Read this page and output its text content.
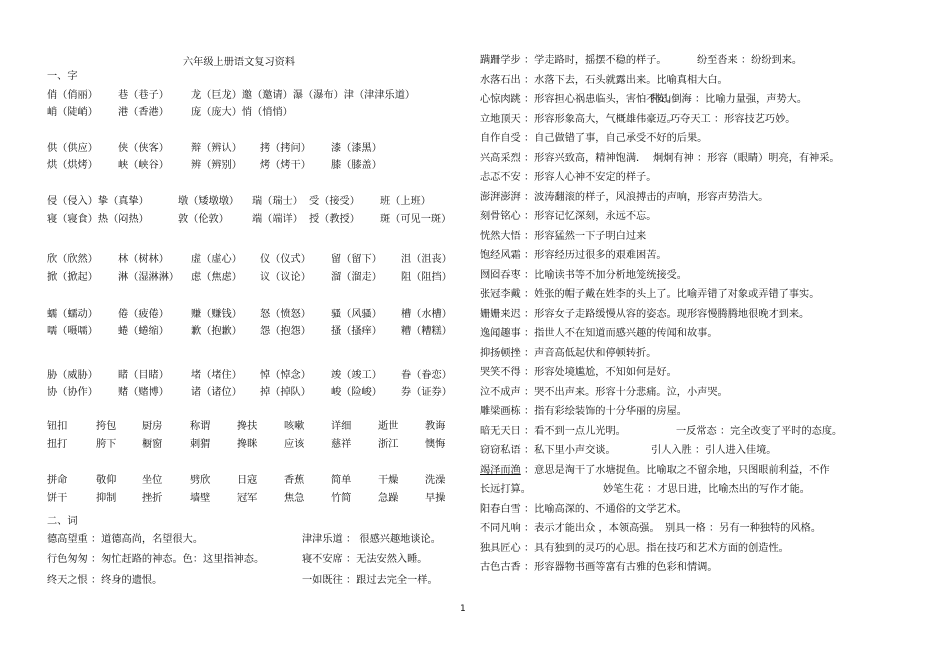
六年级上册语文复习资料
1
一、字
俏（俏丽） 巷（巷子） 龙（巨龙）邀（邀请）瀑（瀑布）津（津津乐道）
峭（陡峭） 港（香港） 庞（庞大）悄（悄悄）
供（供应） 侠（侠客） 辩（辨认） 拷（拷问） 漆（漆黑）
烘（烘烤） 峡（峡谷） 辨（辨别） 烤（烤干） 膝（膝盖）
侵（侵入）挚（真挚）	墩（矮墩墩） 瑞（瑞士） 受（接受） 班（上班）
寝（寝食）热（闷热）	敦（伦敦） 端（端详） 授（教授） 斑（可见一斑）
欣（欣然） 林（树林） 虚（虚心） 仪（仪式） 留（留下） 沮（沮丧）
掀（掀起） 淋（湿淋淋） 虑（焦虑） 议（议论） 溜（溜走） 阻（阻挡）
蠕（蠕动） 倦（疲倦） 赚（赚钱） 怒（愤怒） 骚（风骚） 槽（水槽）
嚅（嗫嚅） 蜷（蜷缩） 歉（抱歉） 怨（抱怨） 搔（搔痒） 糟（糟糕）
胁（威胁） 睹（目睹） 堵（堵住） 悼（悼念） 竣（竣工） 眷（眷恋）
协（协作） 赌（赌博） 诸（诸位） 掉（掉队） 峻（险峻） 券（证券）
钮扣	挎包	厨房	称谓	搀扶	咳嗽	详细	逝世	教诲
扭打	胯下	橱窗	刺猬	搀眯	应该	慈祥	浙江	懊悔
拼命	敬仰	坐位	劈欣	日寇	香蕉	简单	干燥	洗澡
饼干	抑制	挫折	墙壁	冠军	焦急	竹简	急躁	早操
二、词
德高望重 ：道德高尚，名望很大。	津津乐道 ： 很感兴趣地谈论。
行色匆匆 ：匆忙赶路的神态。色：这里指神态。	寝不安席 ：无法安然入睡。
终天之恨 ：终身的遗恨。	一如既往 ：跟过去完全一样。
蹒跚学步 ：学走路时，摇摆不稳的样子。	纷至沓来 ：纷纷到来。
水落石出 ：水落下去，石头就露出来。比喻真相大白。
心惊肉跳 ：形容担心祸患临头，害怕不安。
排山倒海 ：比喻力量强，声势大。
立地顶天 ：形容形象高大，气概雄伟豪迈。
巧夺天工 ：形容技艺巧妙。
自作自受 ：自己做错了事，自己承受不好的后果。
兴高采烈 ：形容兴致高，精神饱满． 炯炯有神 ：形容（眼睛）明亮，有神采。
忐忑不安 ：形容人心神不安定的样子。
澎湃澎湃 ：波涛翻滚的样子，风浪搏击的声响，形容声势浩大。
刻骨铭心 ：形容记忆深刻，永远不忘。
恍然大悟 ：形容猛然一下子明白过来
饱经风霜 ：形容经历过很多的艰难困苦。
囫囵吞枣 ：比喻读书等不加分析地笼统接受。
张冠李戴 ：姓张的帽子戴在姓李的头上了。比喻弄错了对象或弄错了事实。
姗姗来迟 ：形容女子走路缓慢从容的姿态。现形容慢腾腾地很晚才到来。
逸闻趣事 ：指世人不在知道而感兴趣的传闻和故事。
抑扬顿挫 ：声音高低起伏和停顿转折。
哭笑不得 ：形容处境尴尬，不知如何是好。
泣不成声 ：哭不出声来。形容十分悲痛。泣，小声哭。
雕梁画栋 ：指有彩绘装饰的十分华丽的房屋。
暗无天日 ：看不到一点儿光明。	一反常态 ：完全改变了平时的态度。
窃窃私语 ：私下里小声交谈。	引人入胜 ：引人进入佳境。
竭泽而渔 ：意思是淘干了水塘捉鱼。比喻取之不留余地，只图眼前利益，不作
长远打算。	妙笔生花 ：才思日进，比喻杰出的写作才能。
阳春白雪 ：比喻高深的、不通俗的文学艺术。
不同凡响 ：表示才能出众 ，本领高强。 别具一格 ：另有一种独特的风格。
独具匠心 ：具有独到的灵巧的心思。指在技巧和艺术方面的创造性。
古色古香 ：形容器物书画等富有古雅的色彩和情调。
